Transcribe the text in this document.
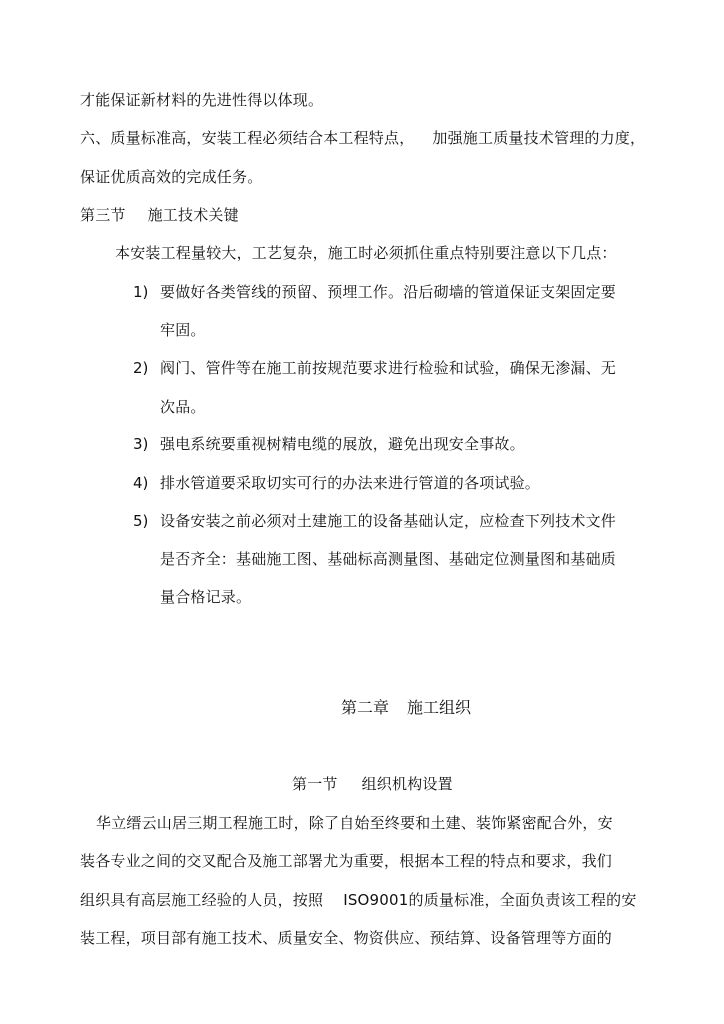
才能保证新材料的先进性得以体现。
六、质量标准高，安装工程必须结合本工程特点， 加强施工质量技术管理的力度，
保证优质高效的完成任务。
第三节 施工技术关键
本安装工程量较大，工艺复杂，施工时必须抓住重点特别要注意以下几点：
1) 要做好各类管线的预留、预埋工作。沿后砌墙的管道保证支架固定要
牢固。
2) 阀门、管件等在施工前按规范要求进行检验和试验，确保无渗漏、无
次品。
3) 强电系统要重视树精电缆的展放，避免出现安全事故。
4) 排水管道要采取切实可行的办法来进行管道的各项试验。
5) 设备安装之前必须对土建施工的设备基础认定，应检查下列技术文件
是否齐全：基础施工图、基础标高测量图、基础定位测量图和基础质
量合格记录。
第二章 施工组织
第一节 组织机构设置
华立缙云山居三期工程施工时，除了自始至终要和土建、装饰紧密配合外，安
装各专业之间的交叉配合及施工部署尤为重要，根据本工程的特点和要求，我们
组织具有高层施工经验的人员，按照 ISO9001的质量标准，全面负责该工程的安
装工程，项目部有施工技术、质量安全、物资供应、预结算、设备管理等方面的
